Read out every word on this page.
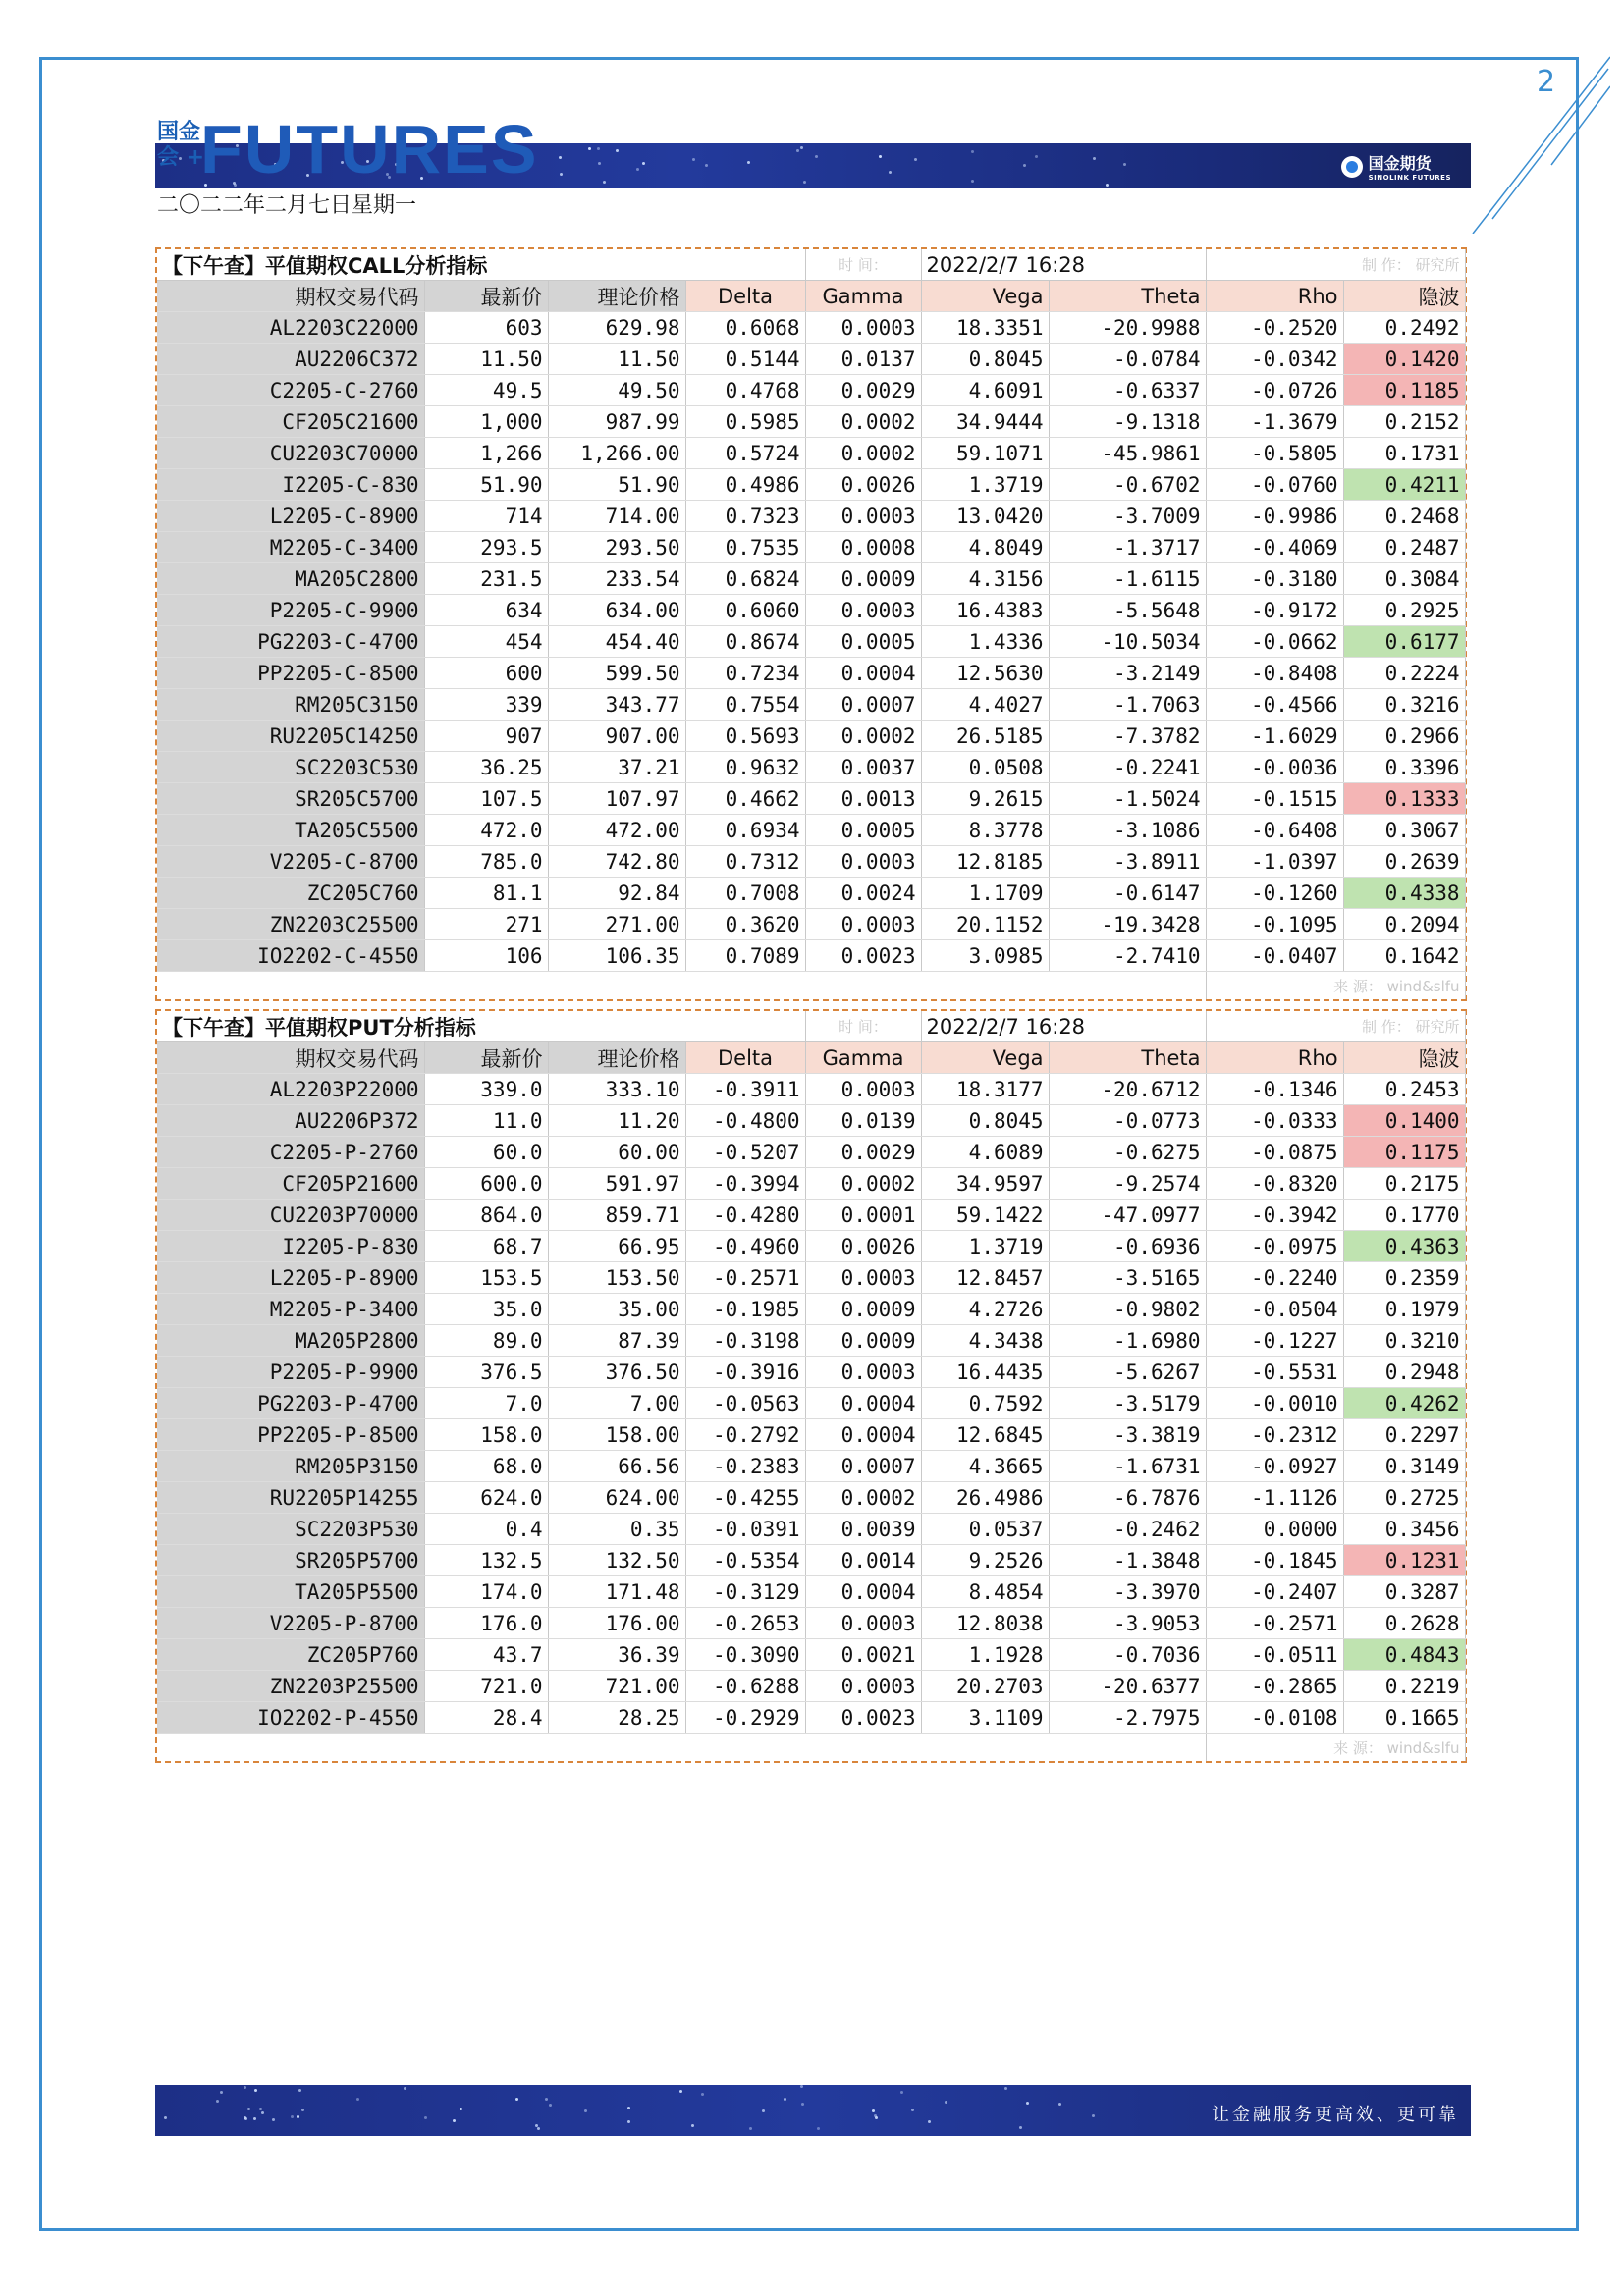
2
国金期货
SINOLINK FUTURES
国金
会 +
FUTURES
二〇二二年二月七日星期一
【下午查】平值期权CALL分析指标				时 间：	2022/2/7 16:28		制 作： 研究所	
期权交易代码	最新价	理论价格	Delta	Gamma	Vega	Theta	Rho	隐波
AL2203C22000	603	629.98	0.6068	0.0003	18.3351	-20.9988	-0.2520	0.2492
AU2206C372	11.50	11.50	0.5144	0.0137	0.8045	-0.0784	-0.0342	0.1420
C2205-C-2760	49.5	49.50	0.4768	0.0029	4.6091	-0.6337	-0.0726	0.1185
CF205C21600	1,000	987.99	0.5985	0.0002	34.9444	-9.1318	-1.3679	0.2152
CU2203C70000	1,266	1,266.00	0.5724	0.0002	59.1071	-45.9861	-0.5805	0.1731
I2205-C-830	51.90	51.90	0.4986	0.0026	1.3719	-0.6702	-0.0760	0.4211
L2205-C-8900	714	714.00	0.7323	0.0003	13.0420	-3.7009	-0.9986	0.2468
M2205-C-3400	293.5	293.50	0.7535	0.0008	4.8049	-1.3717	-0.4069	0.2487
MA205C2800	231.5	233.54	0.6824	0.0009	4.3156	-1.6115	-0.3180	0.3084
P2205-C-9900	634	634.00	0.6060	0.0003	16.4383	-5.5648	-0.9172	0.2925
PG2203-C-4700	454	454.40	0.8674	0.0005	1.4336	-10.5034	-0.0662	0.6177
PP2205-C-8500	600	599.50	0.7234	0.0004	12.5630	-3.2149	-0.8408	0.2224
RM205C3150	339	343.77	0.7554	0.0007	4.4027	-1.7063	-0.4566	0.3216
RU2205C14250	907	907.00	0.5693	0.0002	26.5185	-7.3782	-1.6029	0.2966
SC2203C530	36.25	37.21	0.9632	0.0037	0.0508	-0.2241	-0.0036	0.3396
SR205C5700	107.5	107.97	0.4662	0.0013	9.2615	-1.5024	-0.1515	0.1333
TA205C5500	472.0	472.00	0.6934	0.0005	8.3778	-3.1086	-0.6408	0.3067
V2205-C-8700	785.0	742.80	0.7312	0.0003	12.8185	-3.8911	-1.0397	0.2639
ZC205C760	81.1	92.84	0.7008	0.0024	1.1709	-0.6147	-0.1260	0.4338
ZN2203C25500	271	271.00	0.3620	0.0003	20.1152	-19.3428	-0.1095	0.2094
IO2202-C-4550	106	106.35	0.7089	0.0023	3.0985	-2.7410	-0.0407	0.1642
							来 源： wind&slfu	
【下午查】平值期权PUT分析指标				时 间：	2022/2/7 16:28		制 作： 研究所	
期权交易代码	最新价	理论价格	Delta	Gamma	Vega	Theta	Rho	隐波
AL2203P22000	339.0	333.10	-0.3911	0.0003	18.3177	-20.6712	-0.1346	0.2453
AU2206P372	11.0	11.20	-0.4800	0.0139	0.8045	-0.0773	-0.0333	0.1400
C2205-P-2760	60.0	60.00	-0.5207	0.0029	4.6089	-0.6275	-0.0875	0.1175
CF205P21600	600.0	591.97	-0.3994	0.0002	34.9597	-9.2574	-0.8320	0.2175
CU2203P70000	864.0	859.71	-0.4280	0.0001	59.1422	-47.0977	-0.3942	0.1770
I2205-P-830	68.7	66.95	-0.4960	0.0026	1.3719	-0.6936	-0.0975	0.4363
L2205-P-8900	153.5	153.50	-0.2571	0.0003	12.8457	-3.5165	-0.2240	0.2359
M2205-P-3400	35.0	35.00	-0.1985	0.0009	4.2726	-0.9802	-0.0504	0.1979
MA205P2800	89.0	87.39	-0.3198	0.0009	4.3438	-1.6980	-0.1227	0.3210
P2205-P-9900	376.5	376.50	-0.3916	0.0003	16.4435	-5.6267	-0.5531	0.2948
PG2203-P-4700	7.0	7.00	-0.0563	0.0004	0.7592	-3.5179	-0.0010	0.4262
PP2205-P-8500	158.0	158.00	-0.2792	0.0004	12.6845	-3.3819	-0.2312	0.2297
RM205P3150	68.0	66.56	-0.2383	0.0007	4.3665	-1.6731	-0.0927	0.3149
RU2205P14255	624.0	624.00	-0.4255	0.0002	26.4986	-6.7876	-1.1126	0.2725
SC2203P530	0.4	0.35	-0.0391	0.0039	0.0537	-0.2462	0.0000	0.3456
SR205P5700	132.5	132.50	-0.5354	0.0014	9.2526	-1.3848	-0.1845	0.1231
TA205P5500	174.0	171.48	-0.3129	0.0004	8.4854	-3.3970	-0.2407	0.3287
V2205-P-8700	176.0	176.00	-0.2653	0.0003	12.8038	-3.9053	-0.2571	0.2628
ZC205P760	43.7	36.39	-0.3090	0.0021	1.1928	-0.7036	-0.0511	0.4843
ZN2203P25500	721.0	721.00	-0.6288	0.0003	20.2703	-20.6377	-0.2865	0.2219
IO2202-P-4550	28.4	28.25	-0.2929	0.0023	3.1109	-2.7975	-0.0108	0.1665
							来 源： wind&slfu	
让金融服务更高效、更可靠
